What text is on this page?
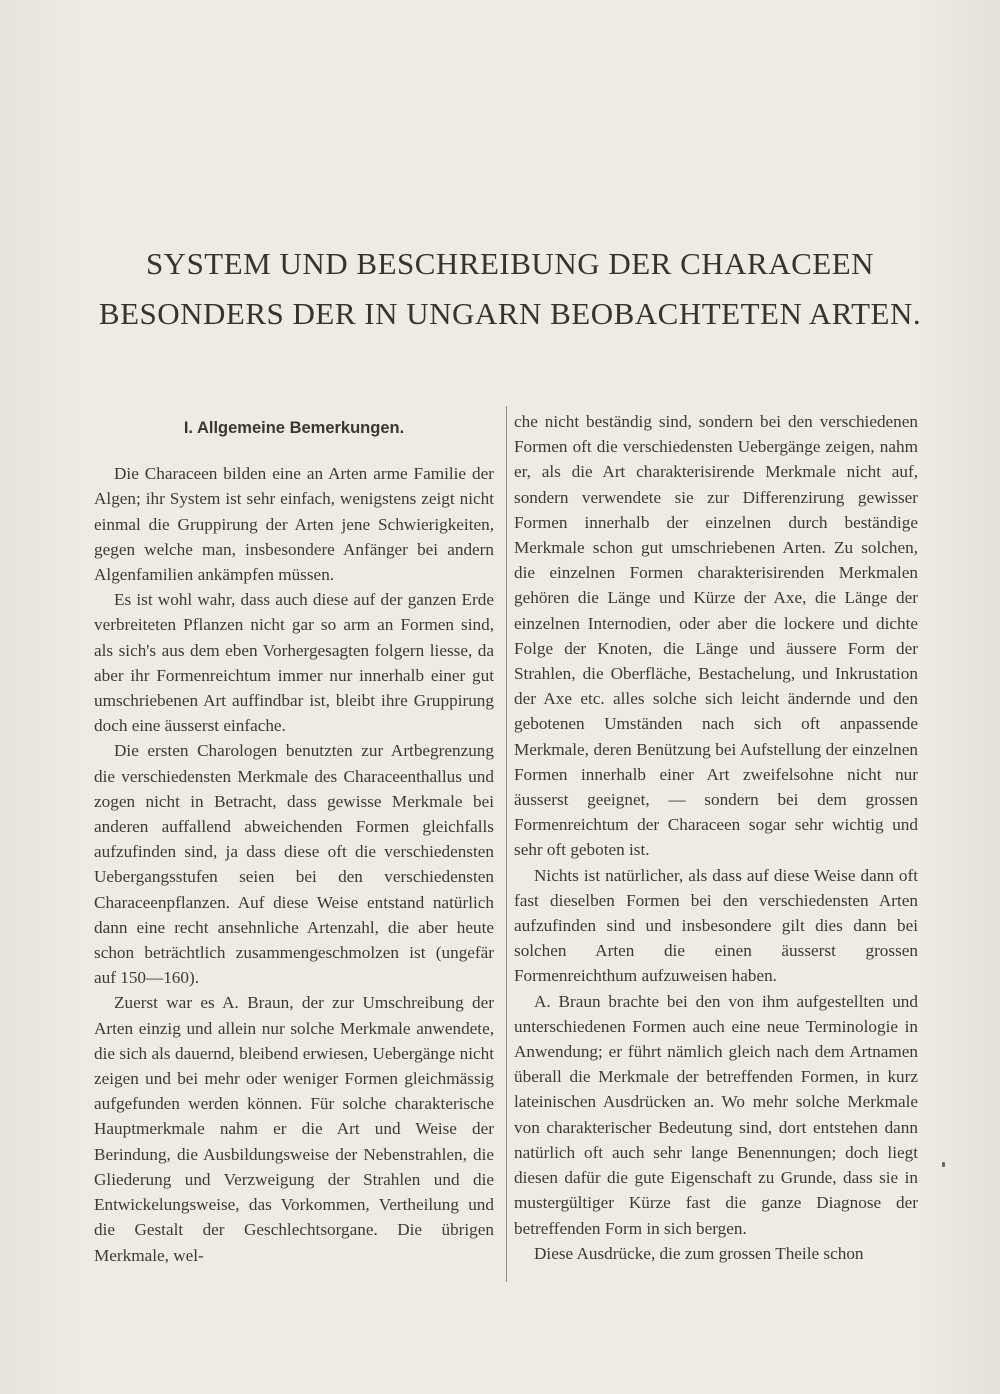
SYSTEM UND BESCHREIBUNG DER CHARACEEN
BESONDERS DER IN UNGARN BEOBACHTETEN ARTEN.
I. Allgemeine Bemerkungen.

Die Characeen bilden eine an Arten arme Familie der Algen; ihr System ist sehr einfach, wenigstens zeigt nicht einmal die Gruppirung der Arten jene Schwierigkeiten, gegen welche man, insbesondere Anfänger bei andern Algenfamilien ankämpfen müssen.

Es ist wohl wahr, dass auch diese auf der ganzen Erde verbreiteten Pflanzen nicht gar so arm an Formen sind, als sich's aus dem eben Vorhergesagten folgern liesse, da aber ihr Formenreichtum immer nur innerhalb einer gut umschriebenen Art auffindbar ist, bleibt ihre Gruppirung doch eine äusserst einfache.

Die ersten Charologen benutzten zur Artbegrenzung die verschiedensten Merkmale des Characeenthallus und zogen nicht in Betracht, dass gewisse Merkmale bei anderen auffallend abweichenden Formen gleichfalls aufzufinden sind, ja dass diese oft die verschiedensten Uebergangsstufen seien bei den verschiedensten Characeenpflanzen. Auf diese Weise entstand natürlich dann eine recht ansehnliche Artenzahl, die aber heute schon beträchtlich zusammengeschmolzen ist (ungefär auf 150—160).

Zuerst war es A. Braun, der zur Umschreibung der Arten einzig und allein nur solche Merkmale anwendete, die sich als dauernd, bleibend erwiesen, Uebergänge nicht zeigen und bei mehr oder weniger Formen gleichmässig aufgefunden werden können. Für solche charakterische Hauptmerkmale nahm er die Art und Weise der Berindung, die Ausbildungsweise der Nebenstrahlen, die Gliederung und Verzweigung der Strahlen und die Entwickelungsweise, das Vorkommen, Vertheilung und die Gestalt der Geschlechtsorgane. Die übrigen Merkmale, wel-

che nicht beständig sind, sondern bei den verschiedenen Formen oft die verschiedensten Uebergänge zeigen, nahm er, als die Art charakterisirende Merkmale nicht auf, sondern verwendete sie zur Differenzirung gewisser Formen innerhalb der einzelnen durch beständige Merkmale schon gut umschriebenen Arten. Zu solchen, die einzelnen Formen charakterisirenden Merkmalen gehören die Länge und Kürze der Axe, die Länge der einzelnen Internodien, oder aber die lockere und dichte Folge der Knoten, die Länge und äussere Form der Strahlen, die Oberfläche, Bestachelung, und Inkrustation der Axe etc. alles solche sich leicht ändernde und den gebotenen Umständen nach sich oft anpassende Merkmale, deren Benützung bei Aufstellung der einzelnen Formen innerhalb einer Art zweifelsohne nicht nur äusserst geeignet, — sondern bei dem grossen Formenreichtum der Characeen sogar sehr wichtig und sehr oft geboten ist.

Nichts ist natürlicher, als dass auf diese Weise dann oft fast dieselben Formen bei den verschiedensten Arten aufzufinden sind und insbesondere gilt dies dann bei solchen Arten die einen äusserst grossen Formenreichthum aufzuweisen haben.

A. Braun brachte bei den von ihm aufgestellten und unterschiedenen Formen auch eine neue Terminologie in Anwendung; er führt nämlich gleich nach dem Artnamen überall die Merkmale der betreffenden Formen, in kurz lateinischen Ausdrücken an. Wo mehr solche Merkmale von charakterischer Bedeutung sind, dort entstehen dann natürlich oft auch sehr lange Benennungen; doch liegt diesen dafür die gute Eigenschaft zu Grunde, dass sie in mustergültiger Kürze fast die ganze Diagnose der betreffenden Form in sich bergen.

Diese Ausdrücke, die zum grossen Theile schon
